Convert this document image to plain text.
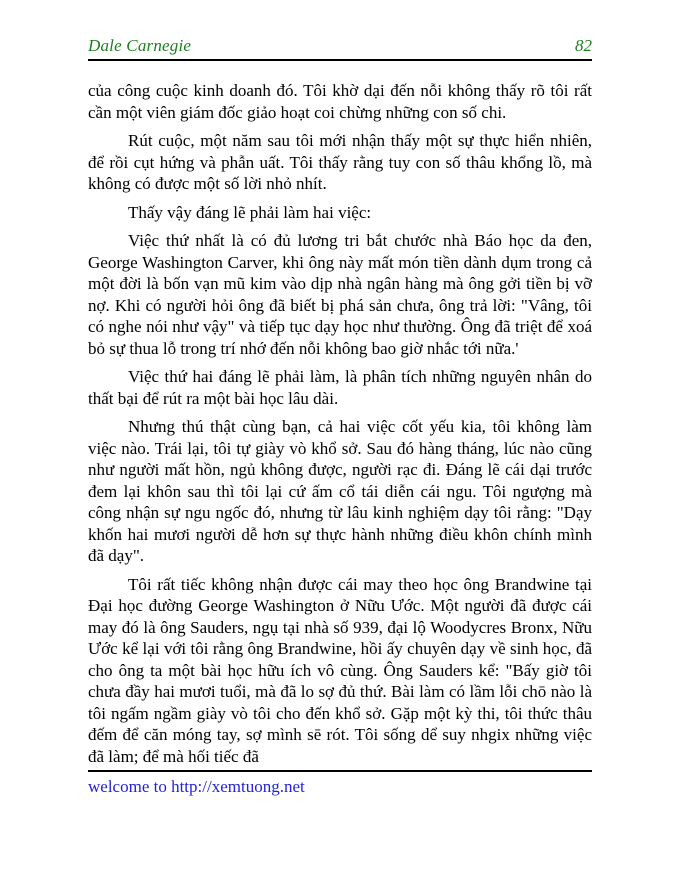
Dale Carnegie	82

của công cuộc kinh doanh đó. Tôi khờ dại đến nỗi không thấy rõ tôi rất cần một viên giám đốc giảo hoạt coi chừng những con số chi.

Rút cuộc, một năm sau tôi mới nhận thấy một sự thực hiển nhiên, để rồi cụt hứng và phẫn uất. Tôi thấy rằng tuy con số thâu khổng lồ, mà không có được một số lời nhỏ nhít.

Thấy vậy đáng lẽ phải làm hai việc:

Việc thứ nhất là có đủ lương tri bắt chước nhà Báo học da đen, George Washington Carver, khi ông này mất món tiền dành dụm trong cả một đời là bốn vạn mũ kim vào dịp nhà ngân hàng mà ông gởi tiền bị vỡ nợ. Khi có người hỏi ông đã biết bị phá sản chưa, ông trả lời: "Vâng, tôi có nghe nói như vậy" và tiếp tục dạy học như thường. Ông đã triệt để xoá bỏ sự thua lỗ trong trí nhớ đến nỗi không bao giờ nhắc tới nữa.'

Việc thứ hai đáng lẽ phải làm, là phân tích những nguyên nhân do thất bại để rút ra một bài học lâu dài.

Nhưng thú thật cùng bạn, cả hai việc cốt yếu kia, tôi không làm việc nào. Trái lại, tôi tự giày vò khổ sở. Sau đó hàng tháng, lúc nào cũng như người mất hồn, ngủ không được, người rạc đi. Đáng lẽ cái dại trước đem lại khôn sau thì tôi lại cứ ấm cổ tái diễn cái ngu. Tôi ngượng mà công nhận sự ngu ngốc đó, nhưng từ lâu kinh nghiệm dạy tôi rằng: "Dạy khốn hai mươi người dễ hơn sự thực hành những điều khôn chính mình đã dạy".

Tôi rất tiếc không nhận được cái may theo học ông Brandwine tại Đại học đường George Washington ở Nữu Ước. Một người đã được cái may đó là ông Sauders, ngụ tại nhà số 939, đại lộ Woodycres Bronx, Nữu Ước kể lại với tôi rằng ông Brandwine, hồi ấy chuyên dạy về sinh học, đã cho ông ta một bài học hữu ích vô cùng. Ông Sauders kể: "Bấy giờ tôi chưa đầy hai mươi tuổi, mà đã lo sợ đủ thứ. Bài làm có lầm lỗi chō nào là tôi ngấm ngầm giày vò tôi cho đến khổ sở. Gặp một kỳ thi, tôi thức thâu đếm để căn móng tay, sợ mình sē rót. Tôi sống dể suy nhgix những việc đã làm; để mà hối tiếc đã

welcome to http://xemtuong.net
